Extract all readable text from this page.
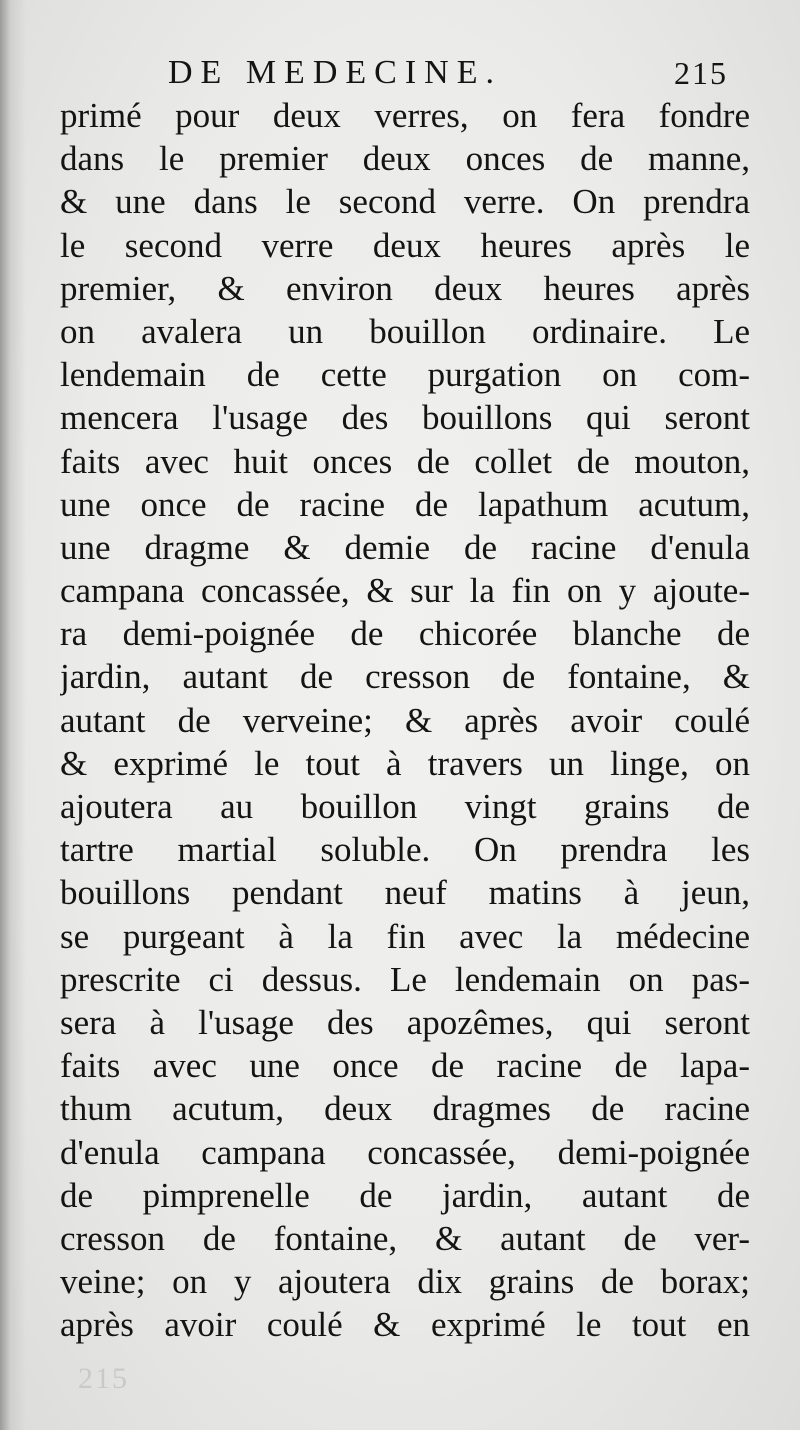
DE MEDECINE.	215
primé pour deux verres, on fera fondre
dans le premier deux onces de manne,
& une dans le second verre. On prendra
le second verre deux heures après le
premier, & environ deux heures après
on avalera un bouillon ordinaire. Le
lendemain de cette purgation on com-
mencera l'usage des bouillons qui seront
faits avec huit onces de collet de mouton,
une once de racine de lapathum acutum,
une dragme & demie de racine d'enula
campana concassée, & sur la fin on y ajoute-
ra demi-poignée de chicorée blanche de
jardin, autant de cresson de fontaine, &
autant de verveine; & après avoir coulé
& exprimé le tout à travers un linge, on
ajoutera au bouillon vingt grains de
tartre martial soluble. On prendra les
bouillons pendant neuf matins à jeun,
se purgeant à la fin avec la médecine
prescrite ci dessus. Le lendemain on pas-
sera à l'usage des apozêmes, qui seront
faits avec une once de racine de lapa-
thum acutum, deux dragmes de racine
d'enula campana concassée, demi-poignée
de pimprenelle de jardin, autant de
cresson de fontaine, & autant de ver-
veine; on y ajoutera dix grains de borax;
après avoir coulé & exprimé le tout en
215
